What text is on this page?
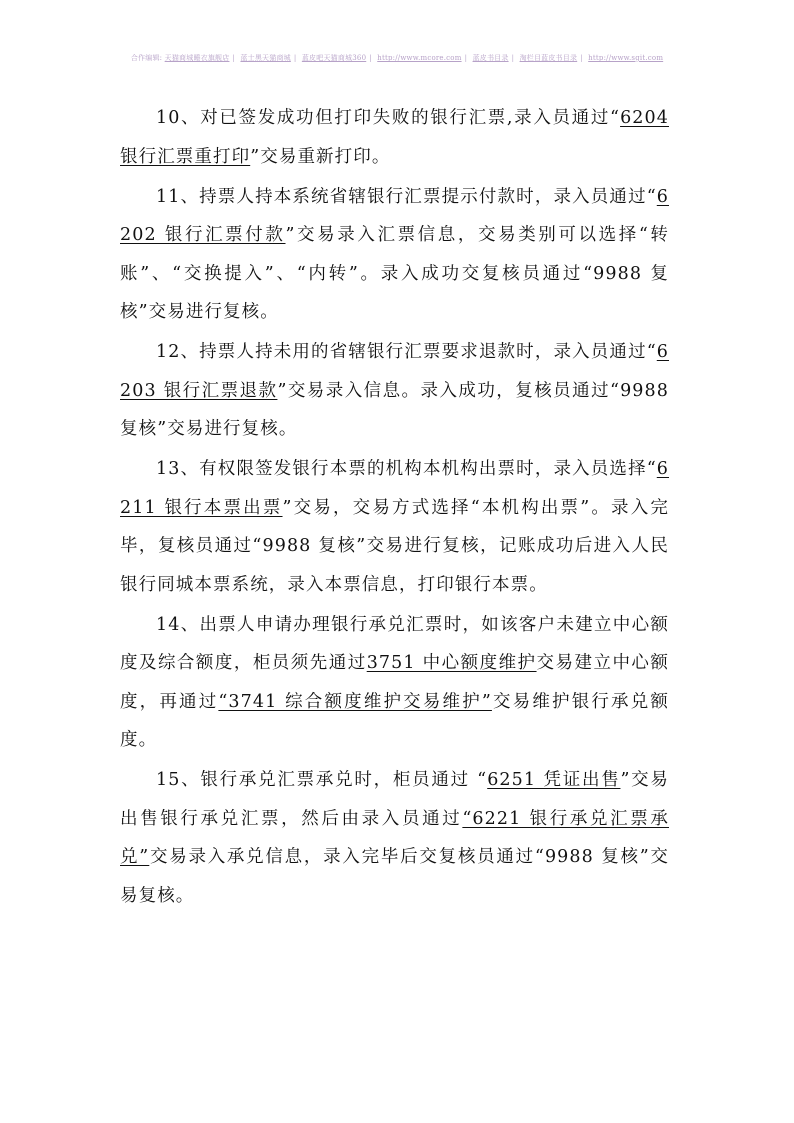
合作编辑: 天猫商城睡衣旗舰店 | 蓝士黑天猫商城 | 蓝皮吧天猫商城360 | http://www.mcore.com | 蓝皮书目录 | 淘栏目蓝皮书目录 | http://www.sgit.com

10、对已签发成功但打印失败的银行汇票,录入员通过“6204 银行汇票重打印”交易重新打印。

11、持票人持本系统省辖银行汇票提示付款时，录入员通过“6202 银行汇票付款”交易录入汇票信息，交易类别可以选择“转账”、“交换提入”、“内转”。录入成功交复核员通过“9988 复核”交易进行复核。

12、持票人持未用的省辖银行汇票要求退款时，录入员通过“6203 银行汇票退款”交易录入信息。录入成功，复核员通过“9988 复核”交易进行复核。

13、有权限签发银行本票的机构本机构出票时，录入员选择“6211 银行本票出票”交易，交易方式选择“本机构出票”。录入完毕，复核员通过“9988 复核”交易进行复核，记账成功后进入人民银行同城本票系统，录入本票信息，打印银行本票。

14、出票人申请办理银行承兑汇票时，如该客户未建立中心额度及综合额度，柜员须先通过3751 中心额度维护交易建立中心额度，再通过“3741 综合额度维护交易维护”交易维护银行承兑额度。

15、银行承兑汇票承兑时，柜员通过 “6251 凭证出售”交易出售银行承兑汇票，然后由录入员通过“6221 银行承兑汇票承兑”交易录入承兑信息，录入完毕后交复核员通过“9988 复核”交易复核。
